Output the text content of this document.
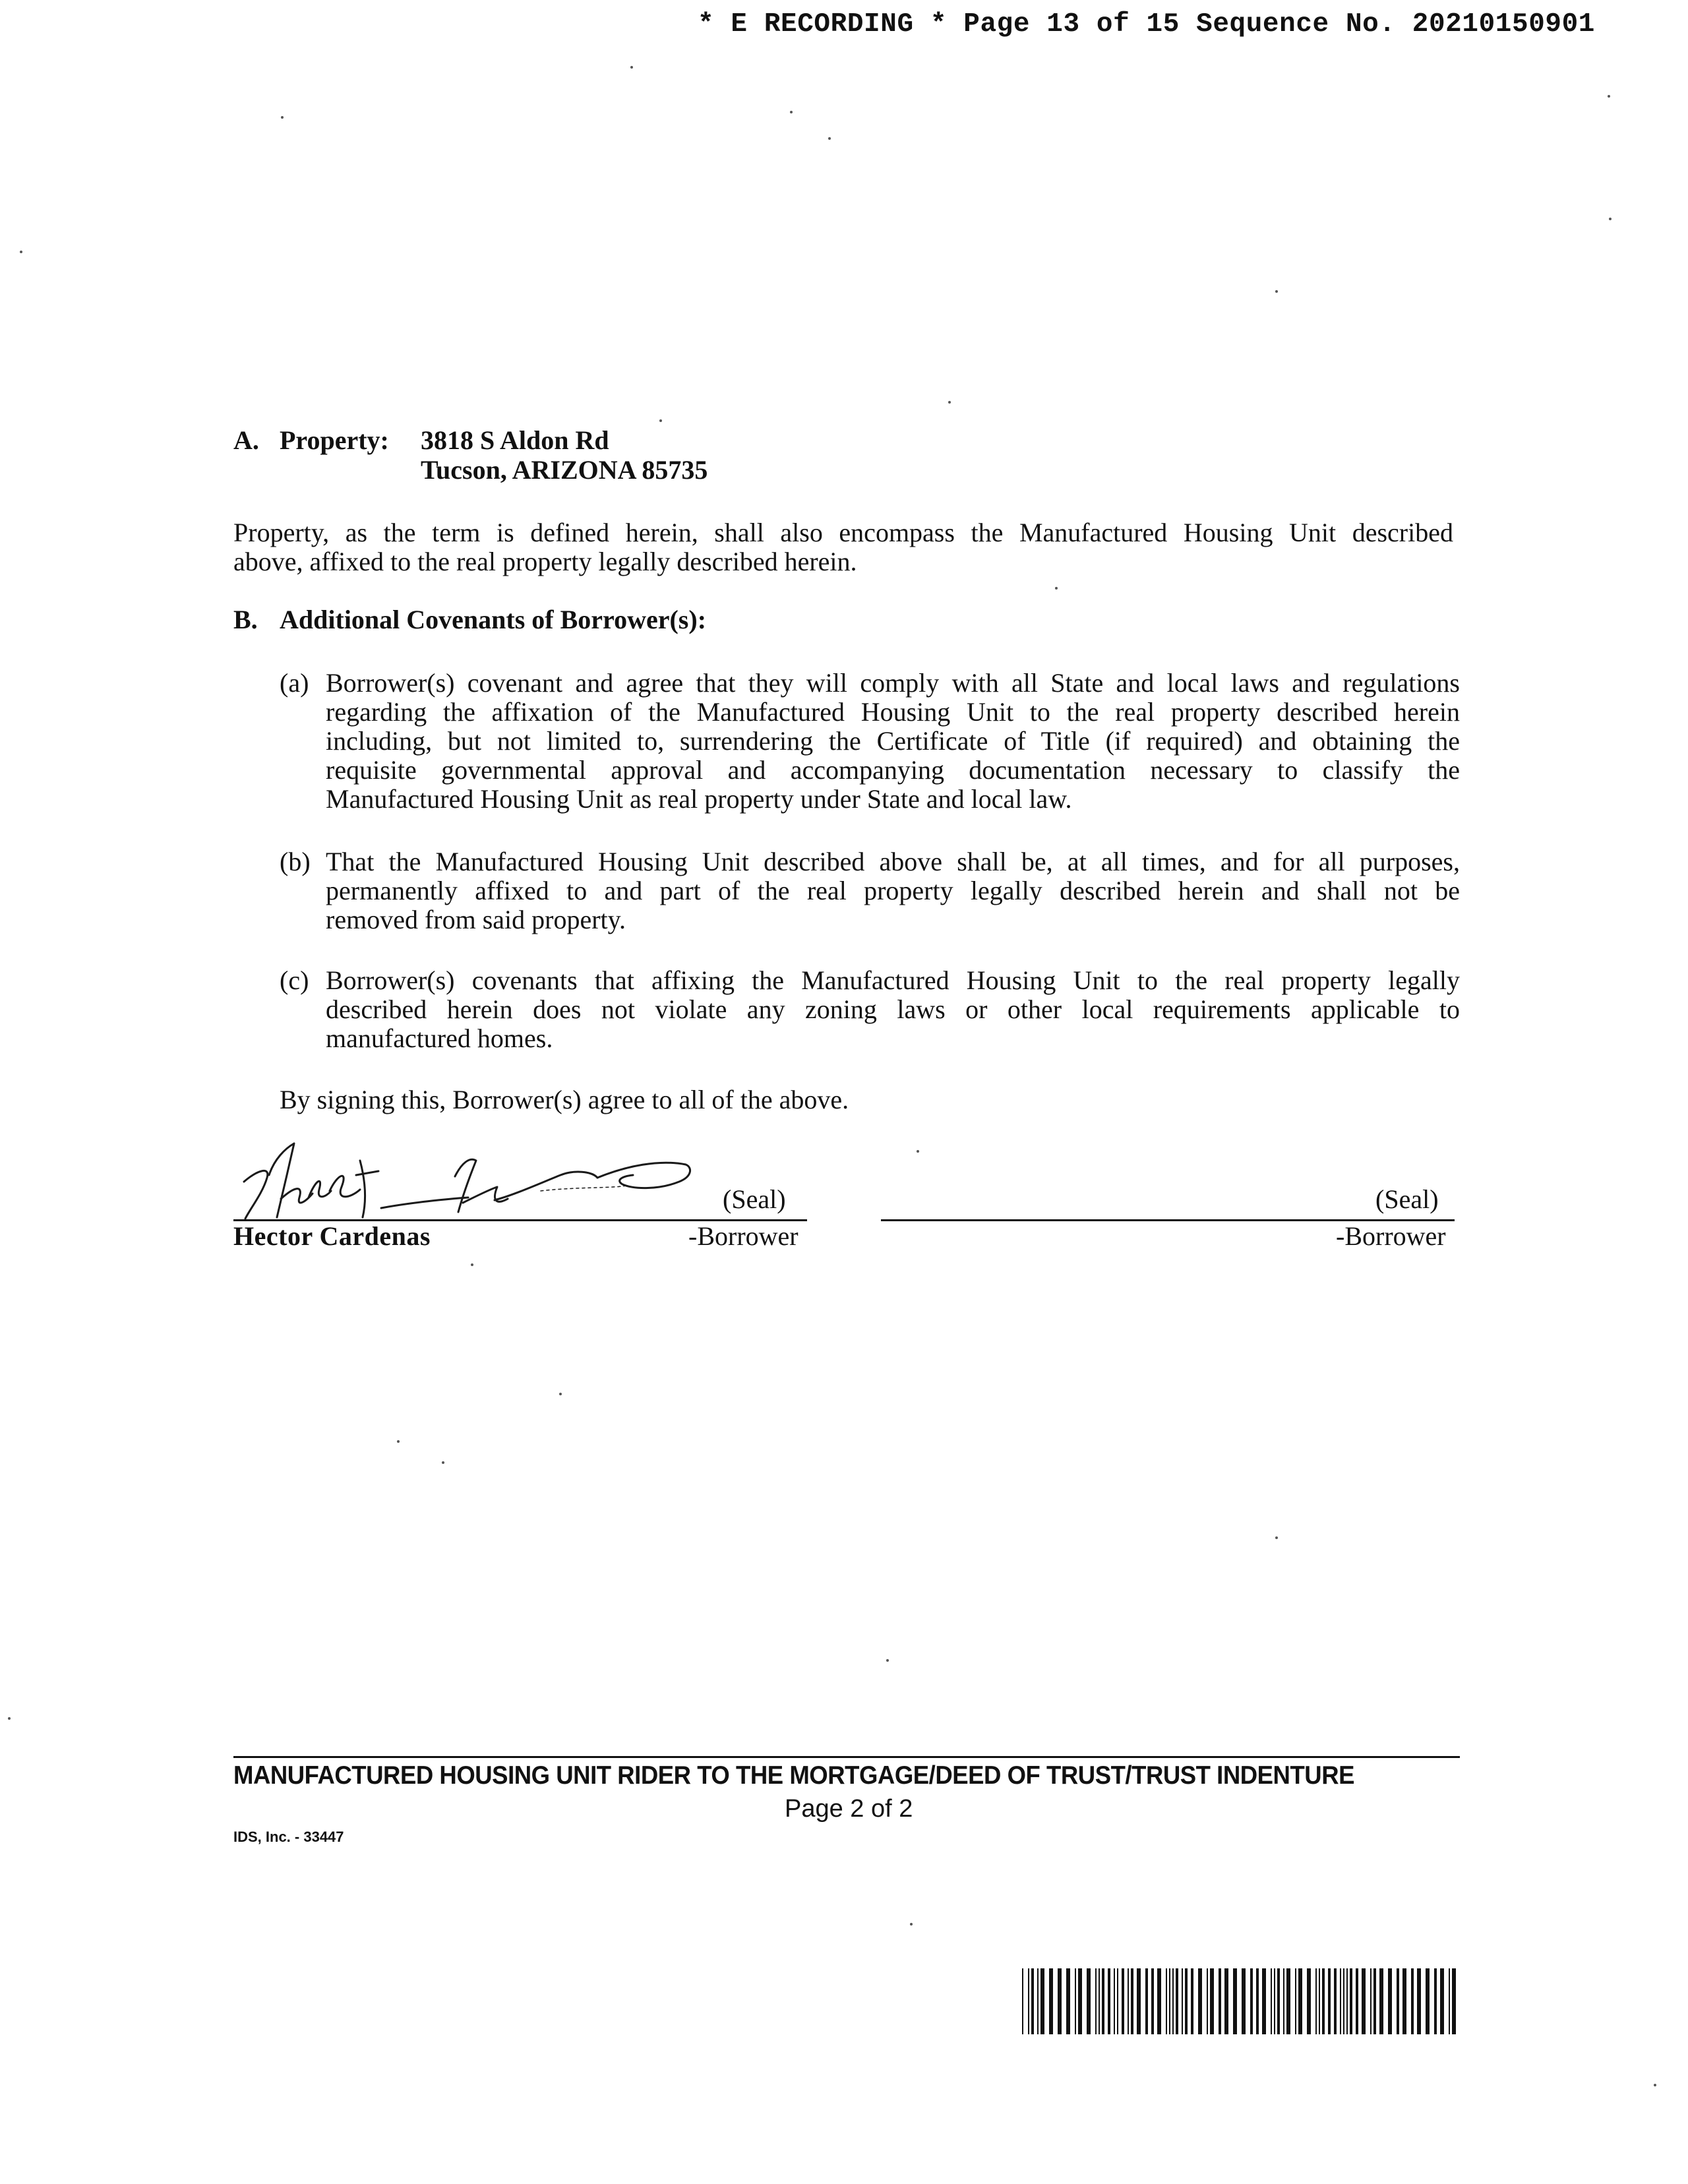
* E RECORDING * Page 13 of 15 Sequence No. 20210150901
A. Property: 3818 S Aldon Rd
Tucson, ARIZONA 85735
Property, as the term is defined herein, shall also encompass the Manufactured Housing Unit described
above, affixed to the real property legally described herein.
B. Additional Covenants of Borrower(s):
(a) Borrower(s) covenant and agree that they will comply with all State and local laws and regulations
regarding the affixation of the Manufactured Housing Unit to the real property described herein
including, but not limited to, surrendering the Certificate of Title (if required) and obtaining the
requisite governmental approval and accompanying documentation necessary to classify the
Manufactured Housing Unit as real property under State and local law.
(b) That the Manufactured Housing Unit described above shall be, at all times, and for all purposes,
permanently affixed to and part of the real property legally described herein and shall not be
removed from said property.
(c) Borrower(s) covenants that affixing the Manufactured Housing Unit to the real property legally
described herein does not violate any zoning laws or other local requirements applicable to
manufactured homes.
By signing this, Borrower(s) agree to all of the above.
(Seal)
Hector Cardenas	-Borrower
(Seal)
-Borrower
MANUFACTURED HOUSING UNIT RIDER TO THE MORTGAGE/DEED OF TRUST/TRUST INDENTURE
Page 2 of 2
IDS, Inc. - 33447
